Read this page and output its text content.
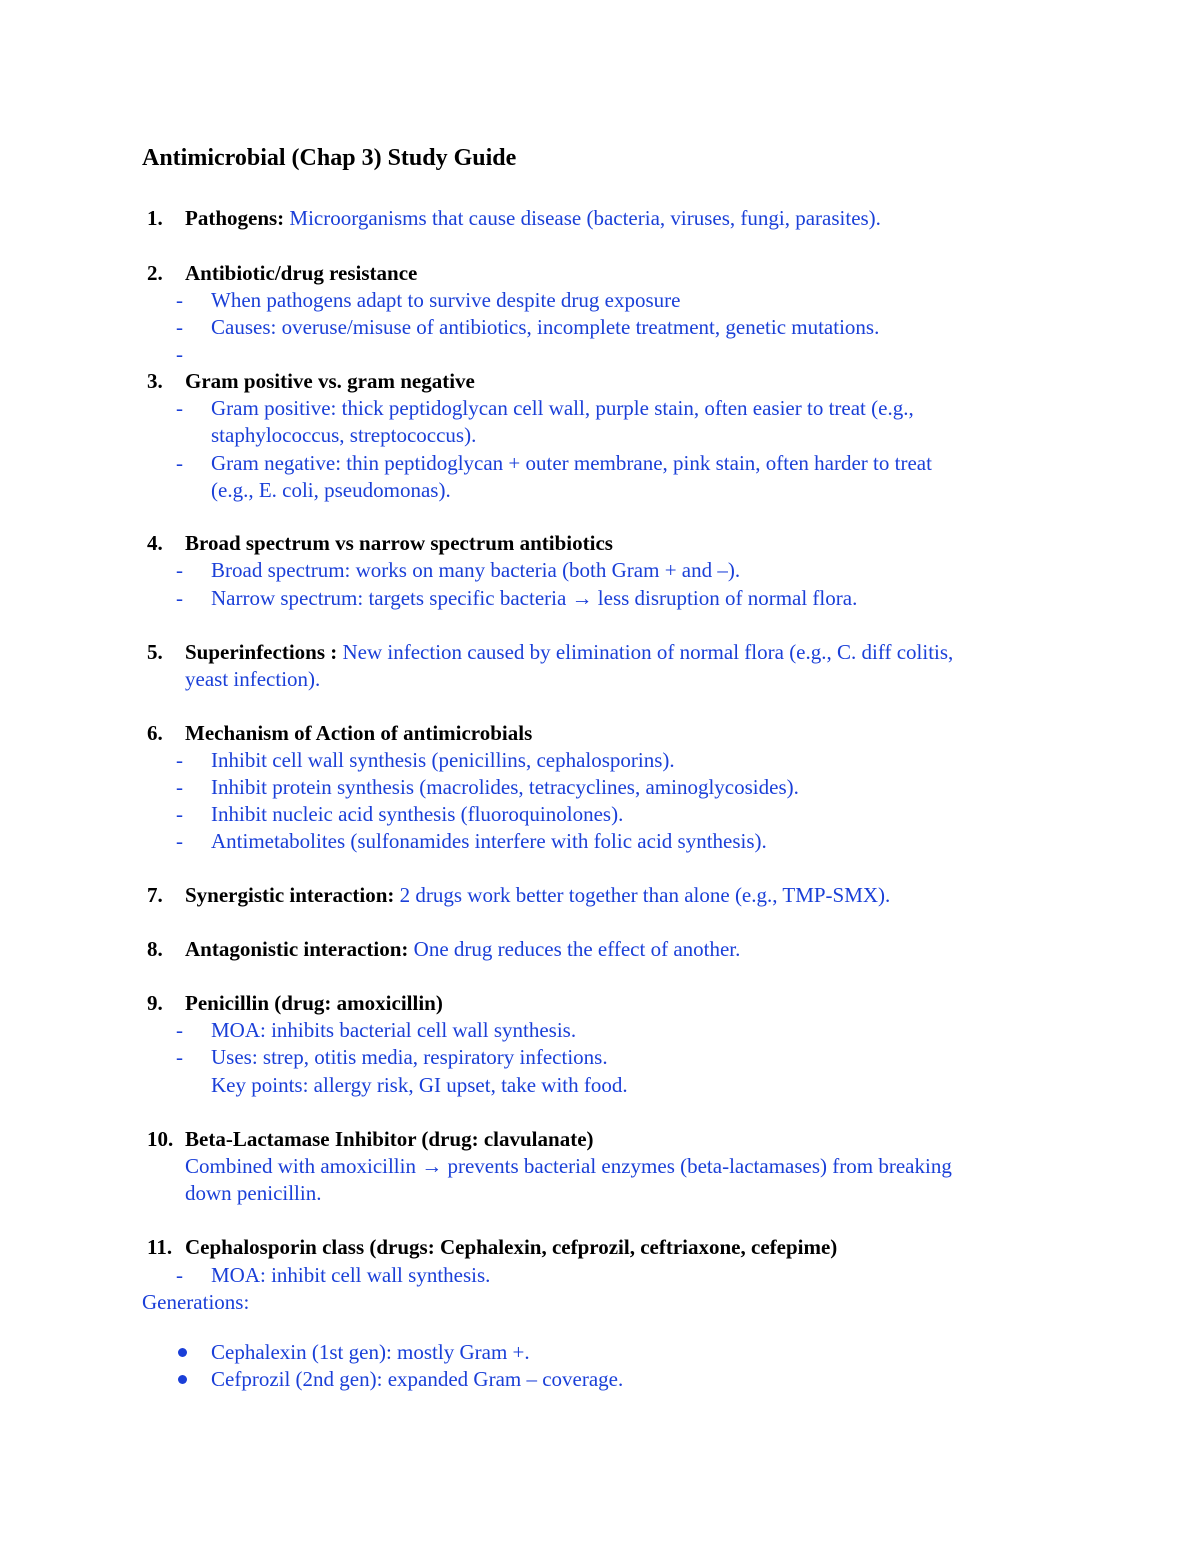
Antimicrobial (Chap 3) Study Guide
1. Pathogens: Microorganisms that cause disease (bacteria, viruses, fungi, parasites).
2. Antibiotic/drug resistance
- When pathogens adapt to survive despite drug exposure
- Causes: overuse/misuse of antibiotics, incomplete treatment, genetic mutations.
-
3. Gram positive vs. gram negative
- Gram positive: thick peptidoglycan cell wall, purple stain, often easier to treat (e.g.,
staphylococcus, streptococcus).
- Gram negative: thin peptidoglycan + outer membrane, pink stain, often harder to treat
(e.g., E. coli, pseudomonas).
4. Broad spectrum vs narrow spectrum antibiotics
- Broad spectrum: works on many bacteria (both Gram + and –).
- Narrow spectrum: targets specific bacteria → less disruption of normal flora.
5. Superinfections : New infection caused by elimination of normal flora (e.g., C. diff colitis,
yeast infection).
6. Mechanism of Action of antimicrobials
- Inhibit cell wall synthesis (penicillins, cephalosporins).
- Inhibit protein synthesis (macrolides, tetracyclines, aminoglycosides).
- Inhibit nucleic acid synthesis (fluoroquinolones).
- Antimetabolites (sulfonamides interfere with folic acid synthesis).
7. Synergistic interaction: 2 drugs work better together than alone (e.g., TMP-SMX).
8. Antagonistic interaction: One drug reduces the effect of another.
9. Penicillin (drug: amoxicillin)
- MOA: inhibits bacterial cell wall synthesis.
- Uses: strep, otitis media, respiratory infections.
Key points: allergy risk, GI upset, take with food.
10. Beta-Lactamase Inhibitor (drug: clavulanate)
Combined with amoxicillin → prevents bacterial enzymes (beta-lactamases) from breaking
down penicillin.
11. Cephalosporin class (drugs: Cephalexin, cefprozil, ceftriaxone, cefepime)
- MOA: inhibit cell wall synthesis.
Generations:
Cephalexin (1st gen): mostly Gram +.
Cefprozil (2nd gen): expanded Gram – coverage.
